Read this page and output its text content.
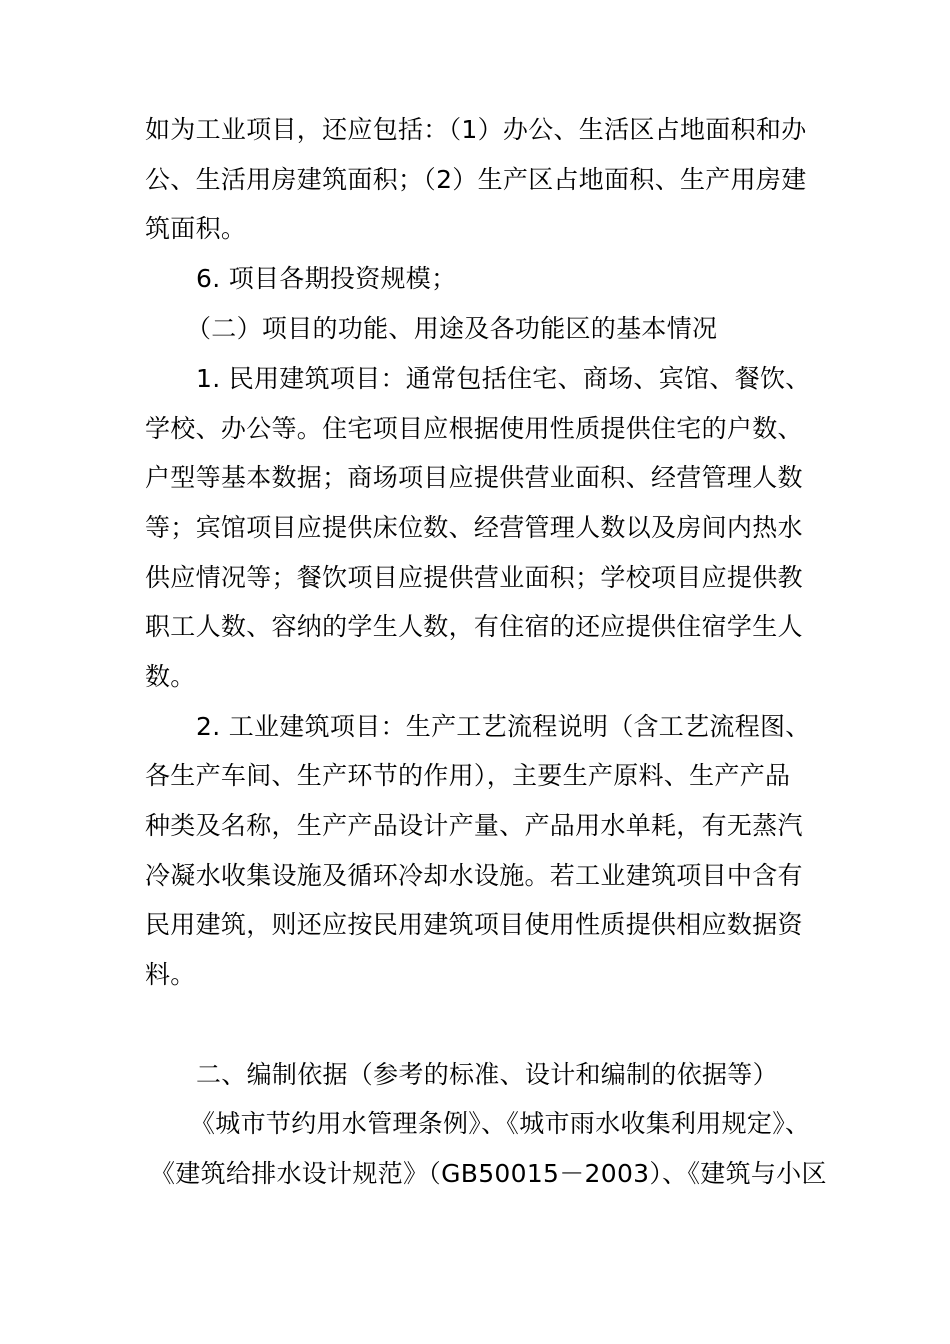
如为工业项目，还应包括：（1）办公、生活区占地面积和办
公、生活用房建筑面积；（2）生产区占地面积、生产用房建
筑面积。
6. 项目各期投资规模；
（二）项目的功能、用途及各功能区的基本情况
1. 民用建筑项目：通常包括住宅、商场、宾馆、餐饮、
学校、办公等。住宅项目应根据使用性质提供住宅的户数、
户型等基本数据；商场项目应提供营业面积、经营管理人数
等；宾馆项目应提供床位数、经营管理人数以及房间内热水
供应情况等；餐饮项目应提供营业面积；学校项目应提供教
职工人数、容纳的学生人数，有住宿的还应提供住宿学生人
数。
2. 工业建筑项目：生产工艺流程说明（含工艺流程图、
各生产车间、生产环节的作用），主要生产原料、生产产品
种类及名称，生产产品设计产量、产品用水单耗，有无蒸汽
冷凝水收集设施及循环冷却水设施。若工业建筑项目中含有
民用建筑，则还应按民用建筑项目使用性质提供相应数据资
料。
二、编制依据（参考的标准、设计和编制的依据等）
《城市节约用水管理条例》、《城市雨水收集利用规定》、
《建筑给排水设计规范》（GB50015－2003）、《建筑与小区
